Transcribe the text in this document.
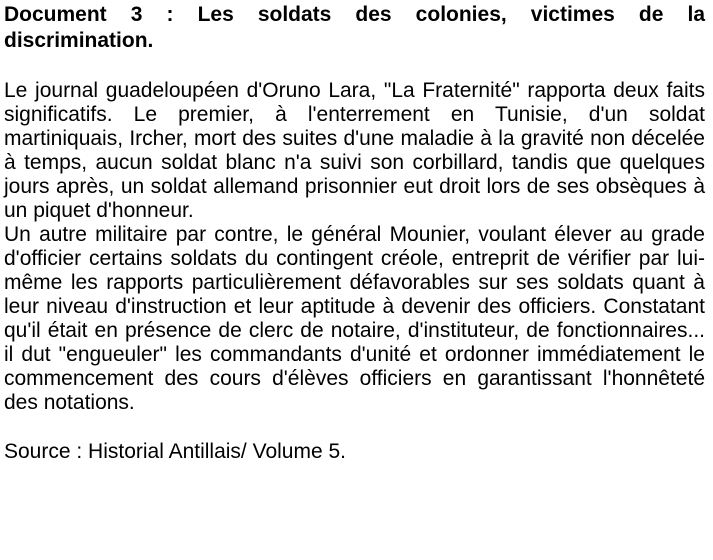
Document 3 : Les soldats des colonies, victimes de la discrimination.

Le journal guadeloupéen d'Oruno Lara, "La Fraternité" rapporta deux faits significatifs. Le premier, à l'enterrement en Tunisie, d'un soldat martiniquais, Ircher, mort des suites d'une maladie à la gravité non décelée à temps, aucun soldat blanc n'a suivi son corbillard, tandis que quelques jours après, un soldat allemand prisonnier eut droit lors de ses obsèques à un piquet d'honneur.

Un autre militaire par contre, le général Mounier, voulant élever au grade d'officier certains soldats du contingent créole, entreprit de vérifier par lui-même les rapports particulièrement défavorables sur ses soldats quant à leur niveau d'instruction et leur aptitude à devenir des officiers. Constatant qu'il était en présence de clerc de notaire, d'instituteur, de fonctionnaires... il dut "engueuler" les commandants d'unité et ordonner immédiatement le commencement des cours d'élèves officiers en garantissant l'honnêteté des notations.

Source : Historial Antillais/ Volume 5.
